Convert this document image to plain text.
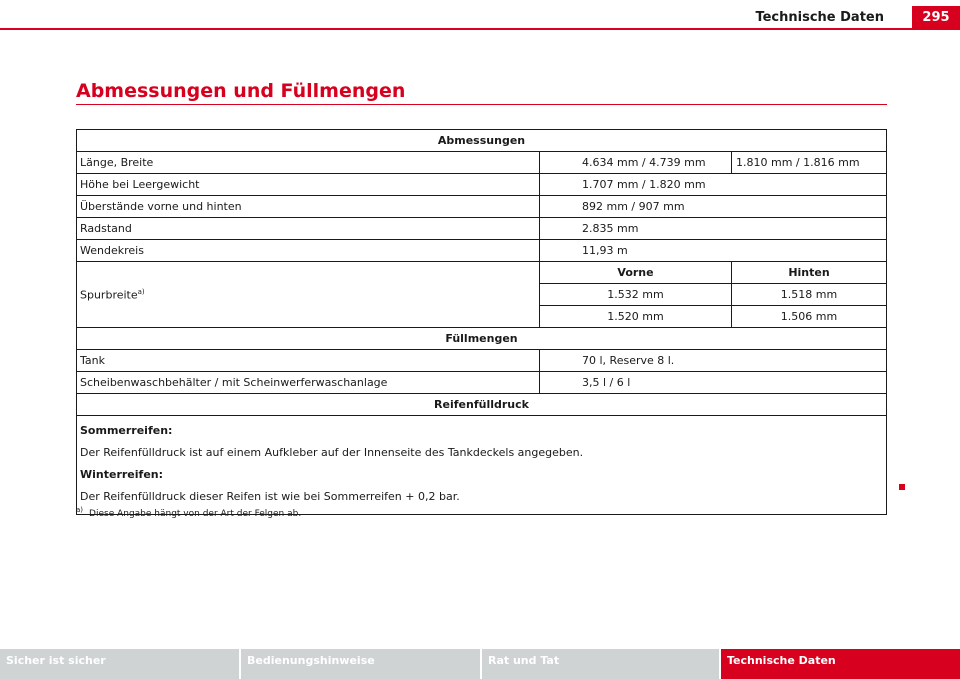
Technische Daten	295
Abmessungen und Füllmengen
Abmessungen		
Länge, Breite	4.634 mm / 4.739 mm	1.810 mm / 1.816 mm
Höhe bei Leergewicht	1.707 mm / 1.820 mm	
Überstände vorne und hinten	892 mm / 907 mm	
Radstand	2.835 mm	
Wendekreis	11,93 m	
Spurbreite$^{a)}$	Vorne	Hinten
	1.532 mm	1.518 mm
	1.520 mm	1.506 mm
Füllmengen		
Tank	70 l, Reserve 8 l.	
Scheibenwaschbehälter / mit Scheinwerferwaschanlage	3,5 l / 6 l	
Reifenfülldruck		

Sommerreifen:

Der Reifenfülldruck ist auf einem Aufkleber auf der Innenseite des Tankdeckels angegeben.

Winterreifen:

Der Reifenfülldruck dieser Reifen ist wie bei Sommerreifen + 0,2 bar.		

$^{a)}$ Diese Angabe hängt von der Art der Felgen ab.
Sicher ist sicher	Bedienungshinweise	Rat und Tat	Technische Daten
